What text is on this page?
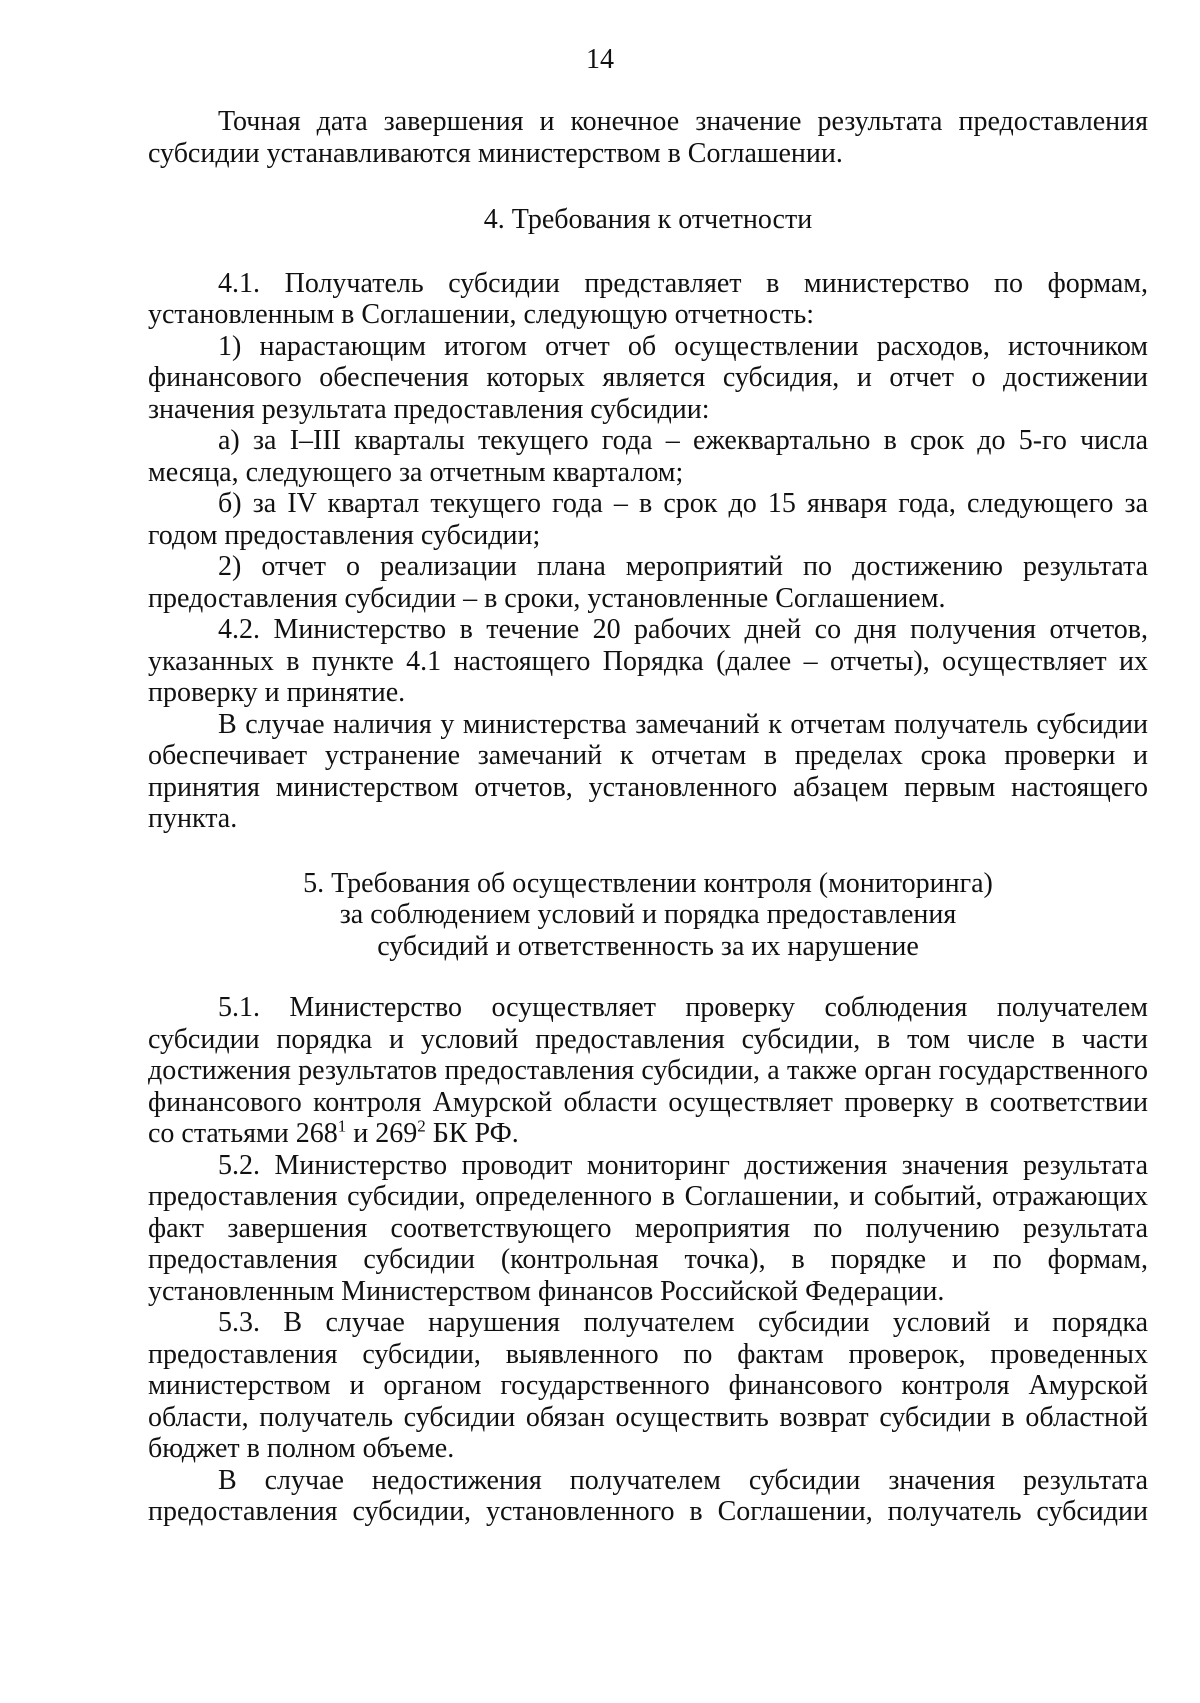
14

Точная дата завершения и конечное значение результата предоставления субсидии устанавливаются министерством в Соглашении.

4. Требования к отчетности

4.1. Получатель субсидии представляет в министерство по формам, установленным в Соглашении, следующую отчетность:

1) нарастающим итогом отчет об осуществлении расходов, источником финансового обеспечения которых является субсидия, и отчет о достижении значения результата предоставления субсидии:

а) за I–III кварталы текущего года – ежеквартально в срок до 5-го числа месяца, следующего за отчетным кварталом;

б) за IV квартал текущего года – в срок до 15 января года, следующего за годом предоставления субсидии;

2) отчет о реализации плана мероприятий по достижению результата предоставления субсидии – в сроки, установленные Соглашением.

4.2. Министерство в течение 20 рабочих дней со дня получения отчетов, указанных в пункте 4.1 настоящего Порядка (далее – отчеты), осуществляет их проверку и принятие.

В случае наличия у министерства замечаний к отчетам получатель субсидии обеспечивает устранение замечаний к отчетам в пределах срока проверки и принятия министерством отчетов, установленного абзацем первым настоящего пункта.

5. Требования об осуществлении контроля (мониторинга)
за соблюдением условий и порядка предоставления
субсидий и ответственность за их нарушение

5.1. Министерство осуществляет проверку соблюдения получателем субсидии порядка и условий предоставления субсидии, в том числе в части достижения результатов предоставления субсидии, а также орган государственного финансового контроля Амурской области осуществляет проверку в соответствии со статьями $268^1$ и $269^2$ БК РФ.

5.2. Министерство проводит мониторинг достижения значения результата предоставления субсидии, определенного в Соглашении, и событий, отражающих факт завершения соответствующего мероприятия по получению результата предоставления субсидии (контрольная точка), в порядке и по формам, установленным Министерством финансов Российской Федерации.

5.3. В случае нарушения получателем субсидии условий и порядка предоставления субсидии, выявленного по фактам проверок, проведенных министерством и органом государственного финансового контроля Амурской области, получатель субсидии обязан осуществить возврат субсидии в областной бюджет в полном объеме.

В случае недостижения получателем субсидии значения результата предоставления субсидии, установленного в Соглашении, получатель субсидии
